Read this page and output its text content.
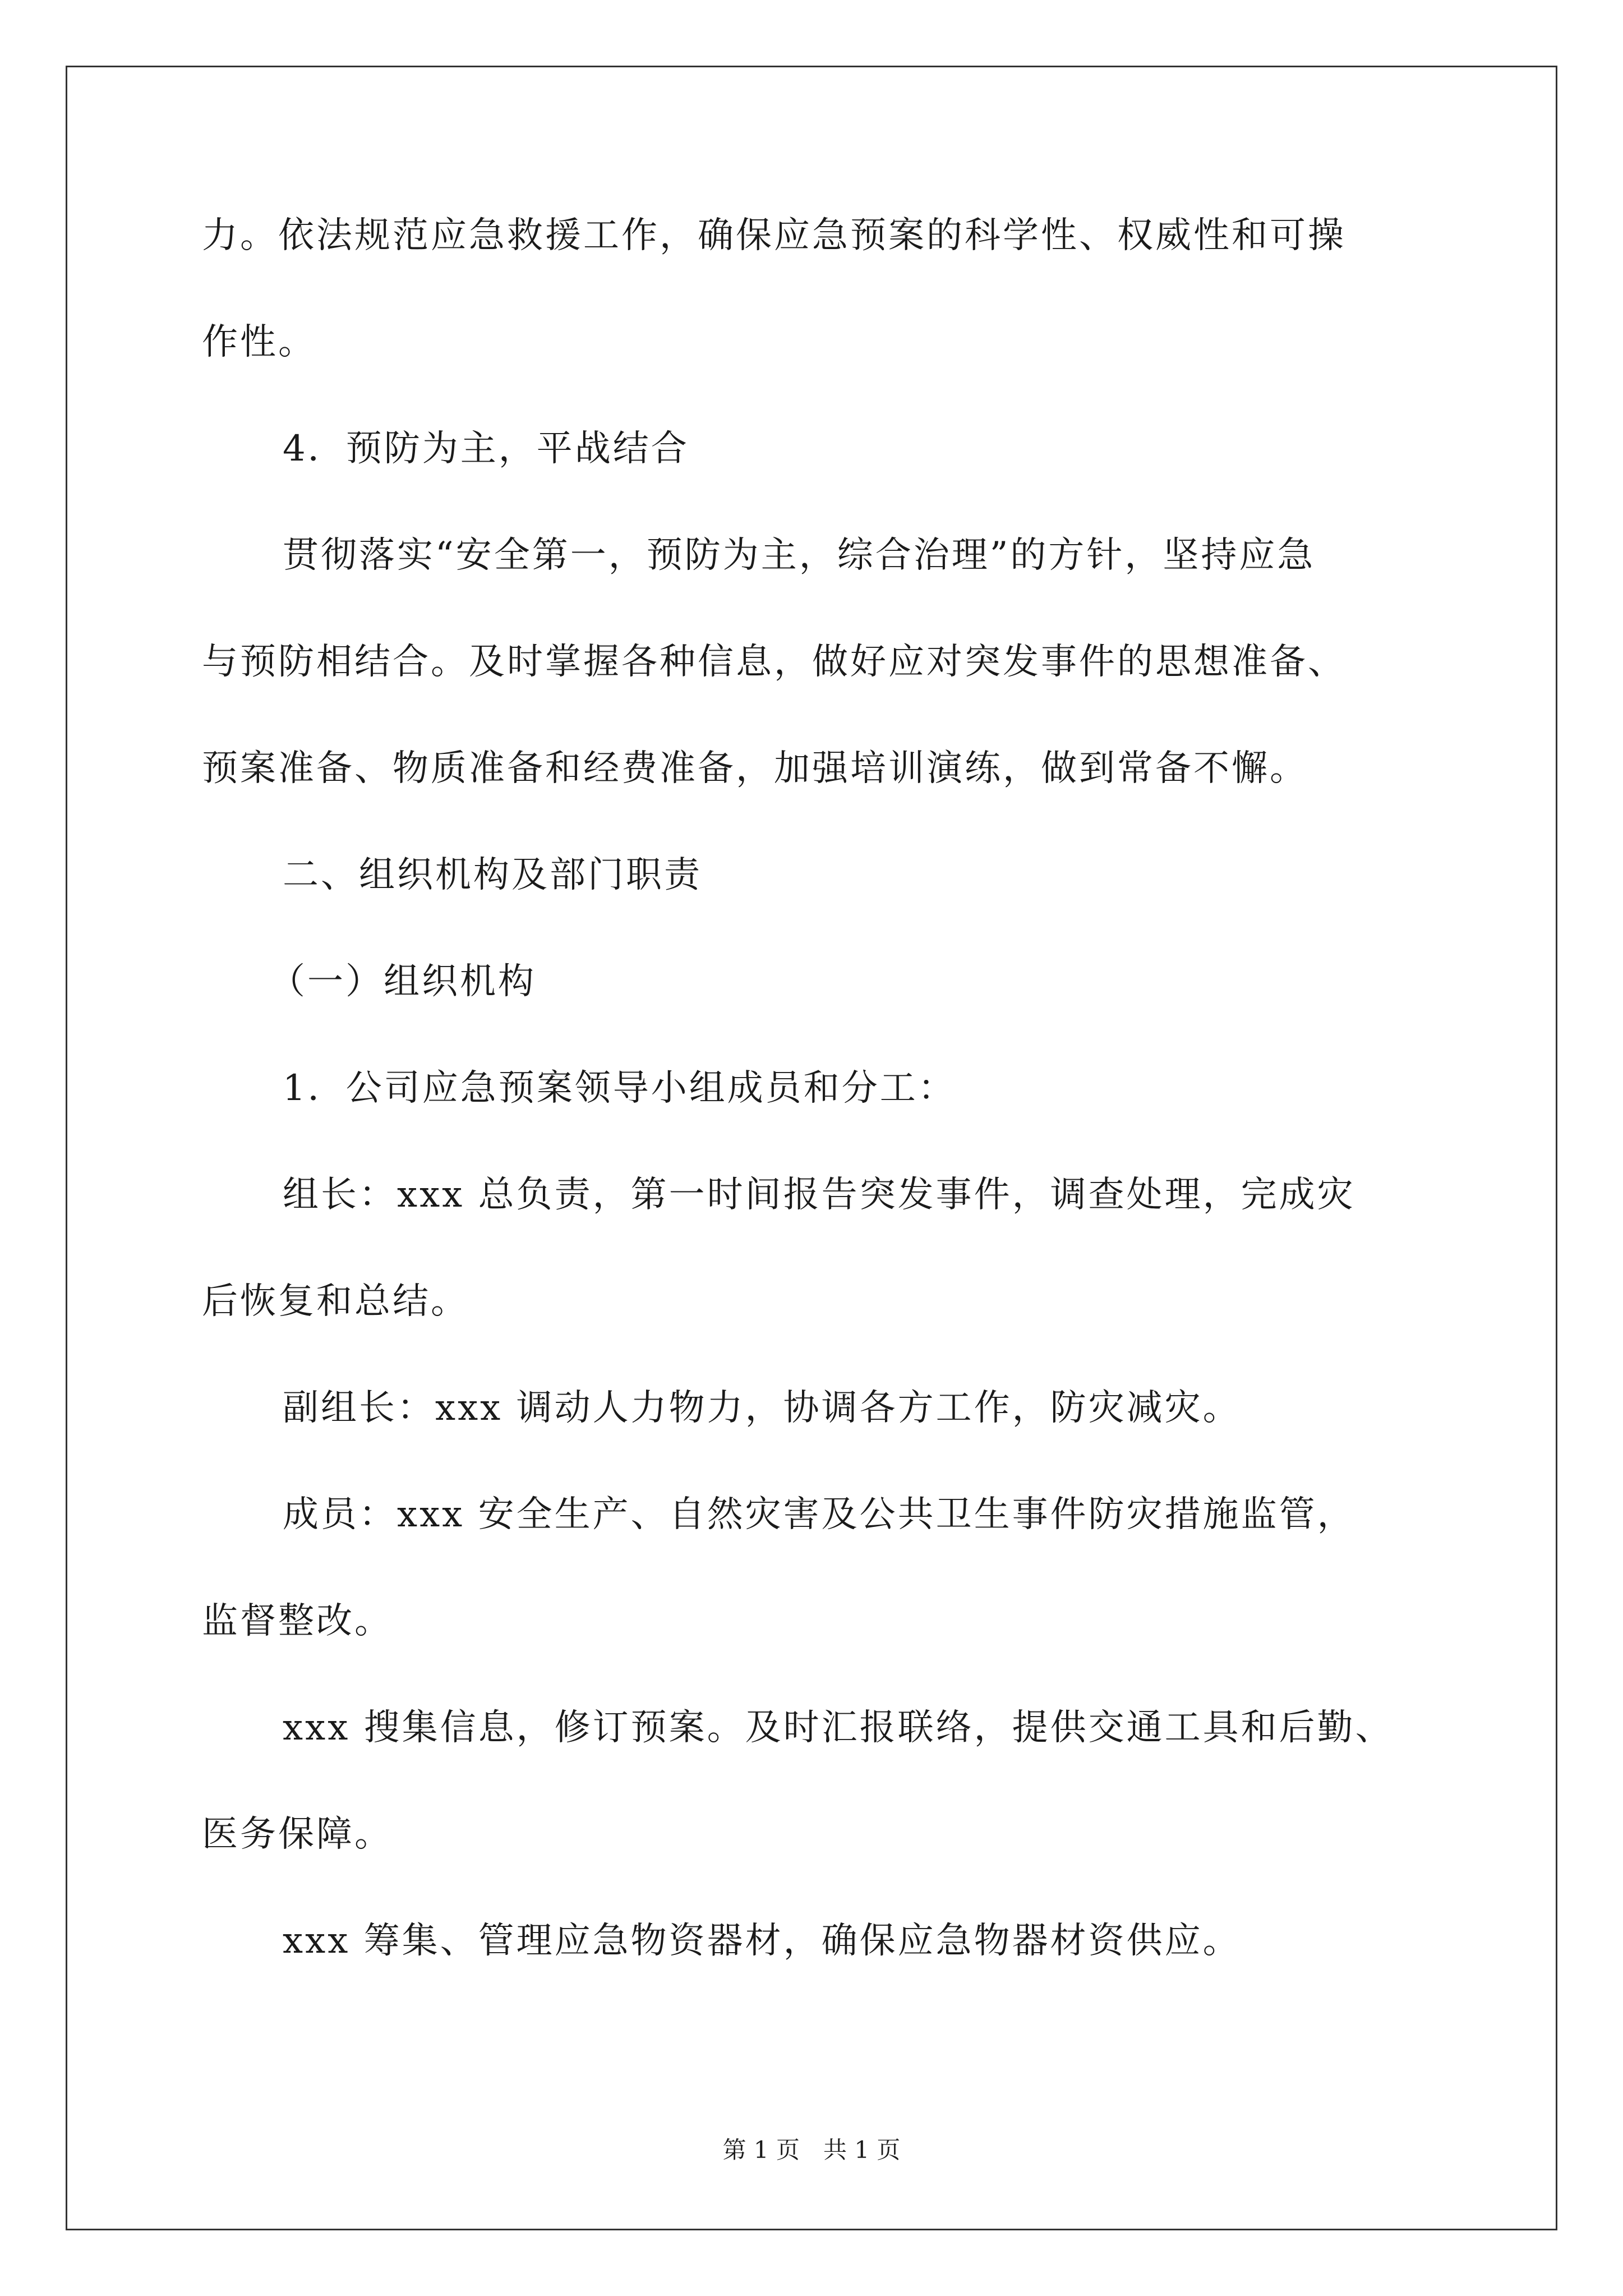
力。依法规范应急救援工作，确保应急预案的科学性、权威性和可操
作性。
4．预防为主，平战结合
贯彻落实“安全第一，预防为主，综合治理”的方针，坚持应急
与预防相结合。及时掌握各种信息，做好应对突发事件的思想准备、
预案准备、物质准备和经费准备，加强培训演练，做到常备不懈。
二、组织机构及部门职责
（一）组织机构
1．公司应急预案领导小组成员和分工：
组长：xxx 总负责，第一时间报告突发事件，调查处理，完成灾
后恢复和总结。
副组长：xxx 调动人力物力，协调各方工作，防灾减灾。
成员：xxx 安全生产、自然灾害及公共卫生事件防灾措施监管，
监督整改。
xxx 搜集信息，修订预案。及时汇报联络，提供交通工具和后勤、
医务保障。
xxx 筹集、管理应急物资器材，确保应急物器材资供应。
第 1 页　共 1 页
